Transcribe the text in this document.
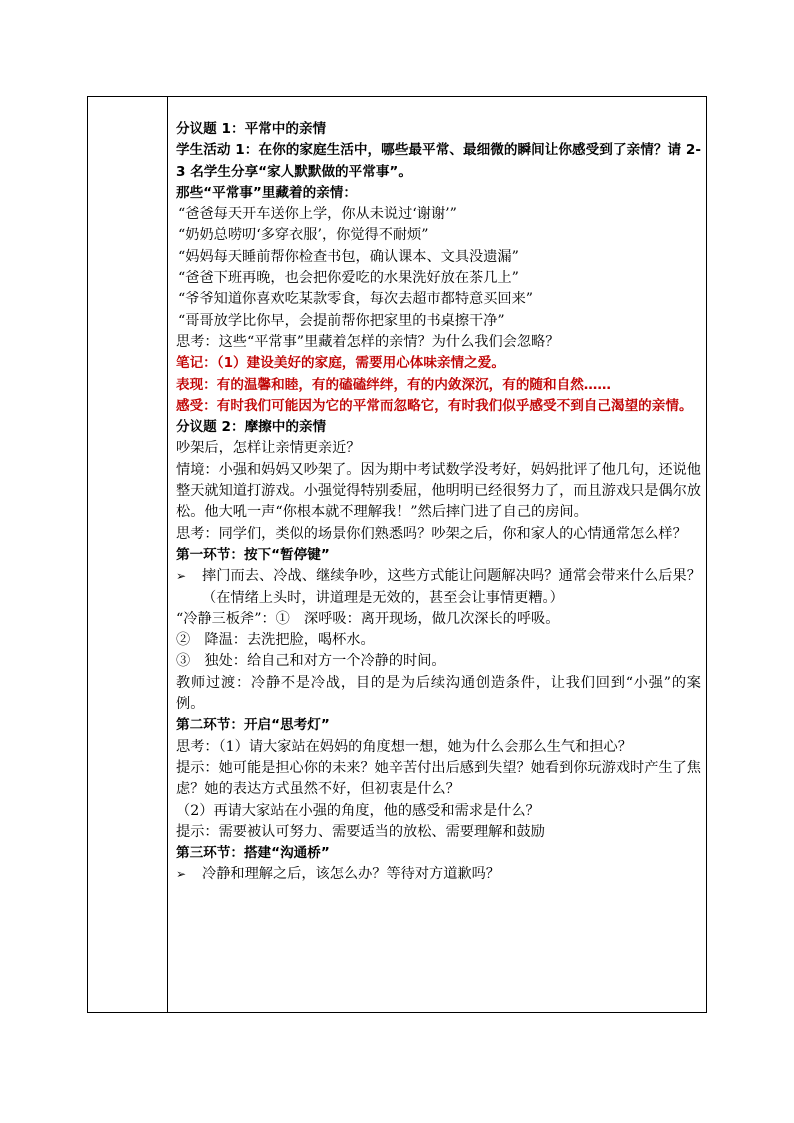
分议题 1：平常中的亲情

学生活动 1：在你的家庭生活中，哪些最平常、最细微的瞬间让你感受到了亲情？请 2-3 名学生分享“家人默默做的平常事”。

那些“平常事”里藏着的亲情：

“爸爸每天开车送你上学，你从未说过‘谢谢’”

“奶奶总唠叨‘多穿衣服’，你觉得不耐烦”

“妈妈每天睡前帮你检查书包，确认课本、文具没遗漏”

“爸爸下班再晚，也会把你爱吃的水果洗好放在茶几上”

“爷爷知道你喜欢吃某款零食，每次去超市都特意买回来”

“哥哥放学比你早，会提前帮你把家里的书桌擦干净”

思考：这些“平常事”里藏着怎样的亲情？为什么我们会忽略？

笔记：（1）建设美好的家庭，需要用心体味亲情之爱。

表现：有的温馨和睦，有的磕磕绊绊，有的内敛深沉，有的随和自然……

感受：有时我们可能因为它的平常而忽略它，有时我们似乎感受不到自己渴望的亲情。

分议题 2：摩擦中的亲情

吵架后，怎样让亲情更亲近？

情境：小强和妈妈又吵架了。因为期中考试数学没考好，妈妈批评了他几句，还说他整天就知道打游戏。小强觉得特别委屈，他明明已经很努力了，而且游戏只是偶尔放松。他大吼一声“你根本就不理解我！”然后摔门进了自己的房间。

思考：同学们，类似的场景你们熟悉吗？吵架之后，你和家人的心情通常怎么样？

第一环节：按下“暂停键”

➢	摔门而去、冷战、继续争吵，这些方式能让问题解决吗？通常会带来什么后果？（在情绪上头时，讲道理是无效的，甚至会让事情更糟。）

“冷静三板斧”：①　深呼吸：离开现场，做几次深长的呼吸。

②　降温：去洗把脸，喝杯水。

③　独处：给自己和对方一个冷静的时间。

教师过渡：冷静不是冷战，目的是为后续沟通创造条件，让我们回到“小强”的案例。

第二环节：开启“思考灯”

思考：（1）请大家站在妈妈的角度想一想，她为什么会那么生气和担心？

提示：她可能是担心你的未来？她辛苦付出后感到失望？她看到你玩游戏时产生了焦虑？她的表达方式虽然不好，但初衷是什么？

（2）再请大家站在小强的角度，他的感受和需求是什么？

提示：需要被认可努力、需要适当的放松、需要理解和鼓励

第三环节：搭建“沟通桥”

➢	冷静和理解之后，该怎么办？等待对方道歉吗？
